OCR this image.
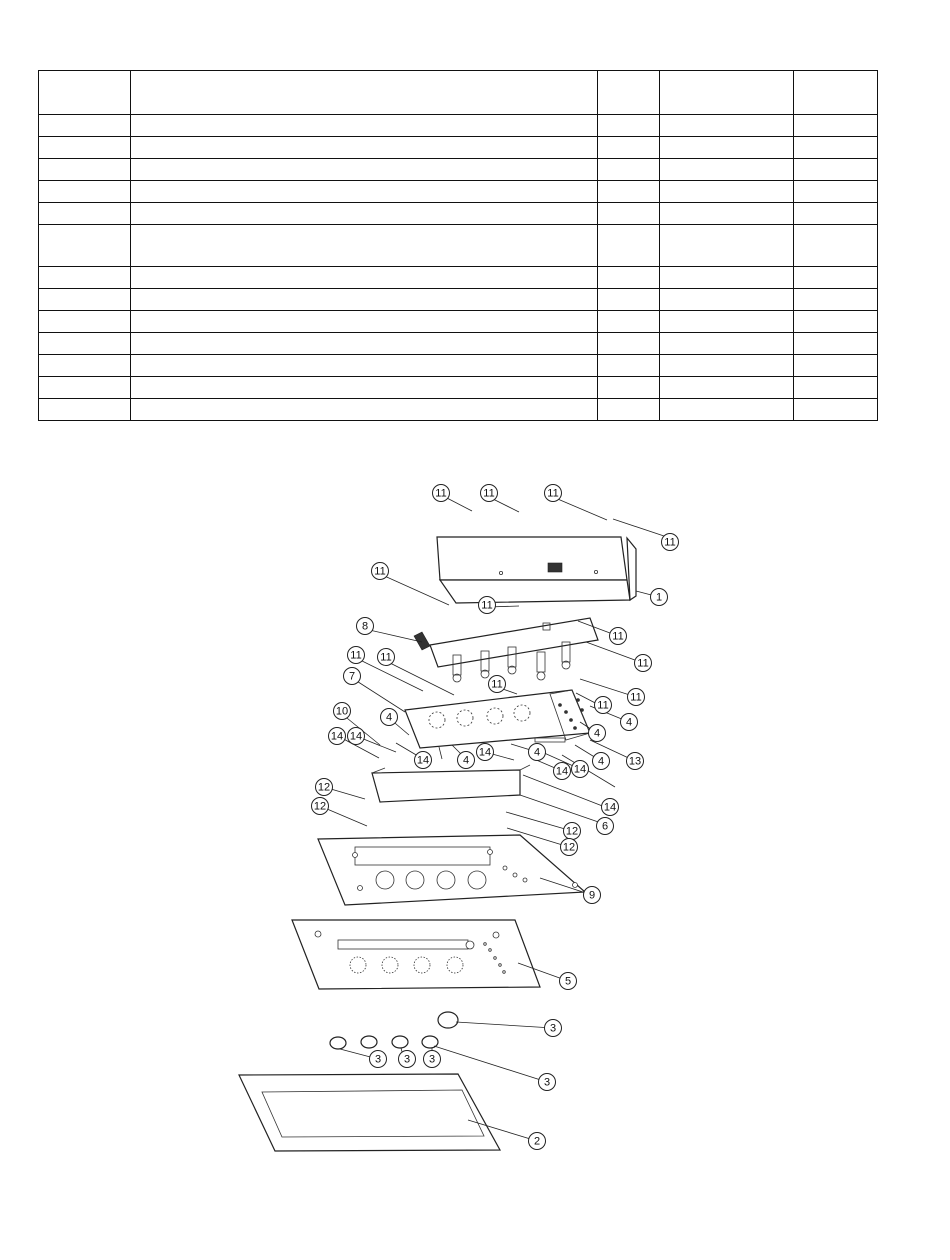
11	11	11
11
1
11
11
8
11
11
11 11
7
11
11
11
10	4	4
14 14
14	4
14	4
4
13
14
4
14
14
6
12
12
12
12
9
5
3
3
3 3 3
2
